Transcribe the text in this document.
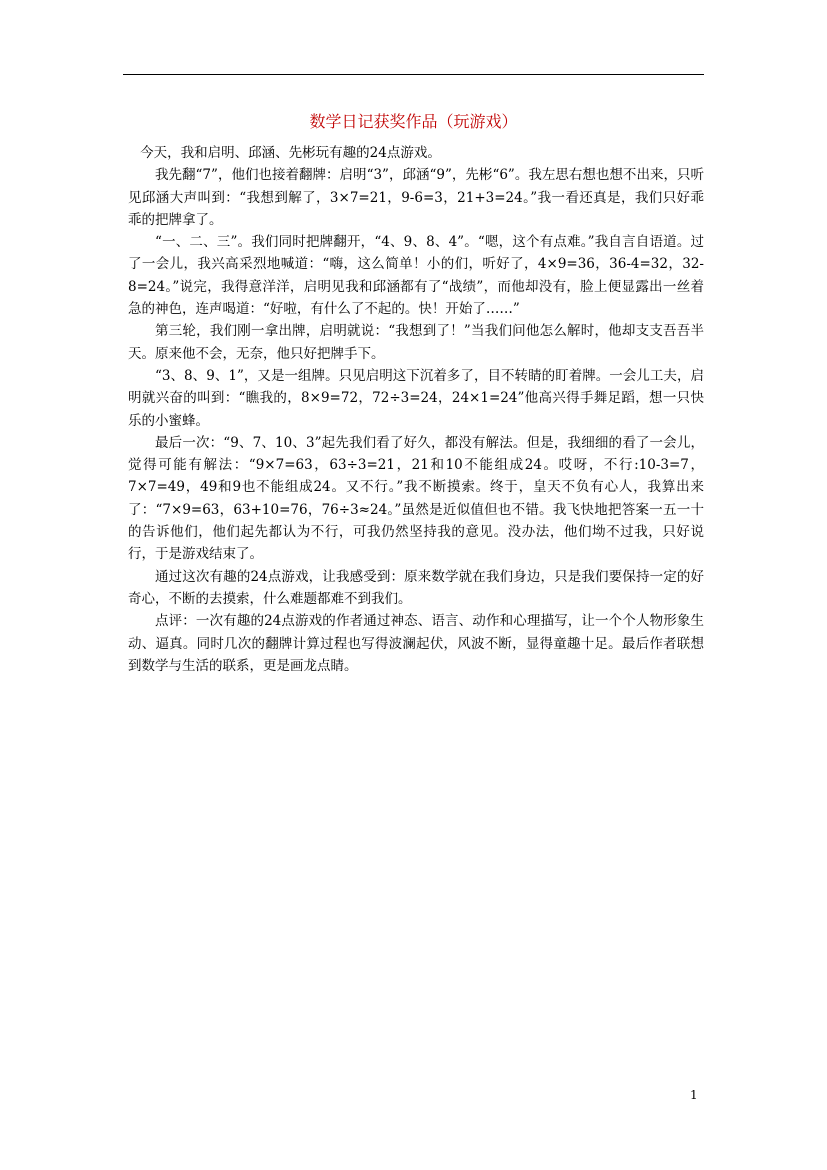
数学日记获奖作品（玩游戏）

今天，我和启明、邱涵、先彬玩有趣的24点游戏。

我先翻“7”，他们也接着翻牌：启明“3”，邱涵“9”，先彬“6”。我左思右想也想不出来，只听见邱涵大声叫到：“我想到解了，3×7=21，9-6=3，21+3=24。”我一看还真是，我们只好乖乖的把牌拿了。

“一、二、三”。我们同时把牌翻开，“4、9、8、4”。“嗯，这个有点难。”我自言自语道。过了一会儿，我兴高采烈地喊道：“嗨，这么简单！小的们，听好了，4×9=36，36-4=32，32-8=24。”说完，我得意洋洋，启明见我和邱涵都有了“战绩”，而他却没有，脸上便显露出一丝着急的神色，连声喝道：“好啦，有什么了不起的。快！开始了……”

第三轮，我们刚一拿出牌，启明就说：“我想到了！”当我们问他怎么解时，他却支支吾吾半天。原来他不会，无奈，他只好把牌手下。

“3、8、9、1”，又是一组牌。只见启明这下沉着多了，目不转睛的盯着牌。一会儿工夫，启明就兴奋的叫到：“瞧我的，8×9=72，72÷3=24，24×1=24”他高兴得手舞足蹈，想一只快乐的小蜜蜂。

最后一次：“9、7、10、3”起先我们看了好久，都没有解法。但是，我细细的看了一会儿，觉得可能有解法：“9×7=63，63÷3=21，21和10不能组成24。哎呀，不行:10-3=7，7×7=49，49和9也不能组成24。又不行。”我不断摸索。终于，皇天不负有心人，我算出来了：“7×9=63，63+10=76，76÷3≈24。”虽然是近似值但也不错。我飞快地把答案一五一十的告诉他们，他们起先都认为不行，可我仍然坚持我的意见。没办法，他们坳不过我，只好说行，于是游戏结束了。

通过这次有趣的24点游戏，让我感受到：原来数学就在我们身边，只是我们要保持一定的好奇心，不断的去摸索，什么难题都难不到我们。

点评：一次有趣的24点游戏的作者通过神态、语言、动作和心理描写，让一个个人物形象生动、逼真。同时几次的翻牌计算过程也写得波澜起伏，风波不断，显得童趣十足。最后作者联想到数学与生活的联系，更是画龙点睛。

1
